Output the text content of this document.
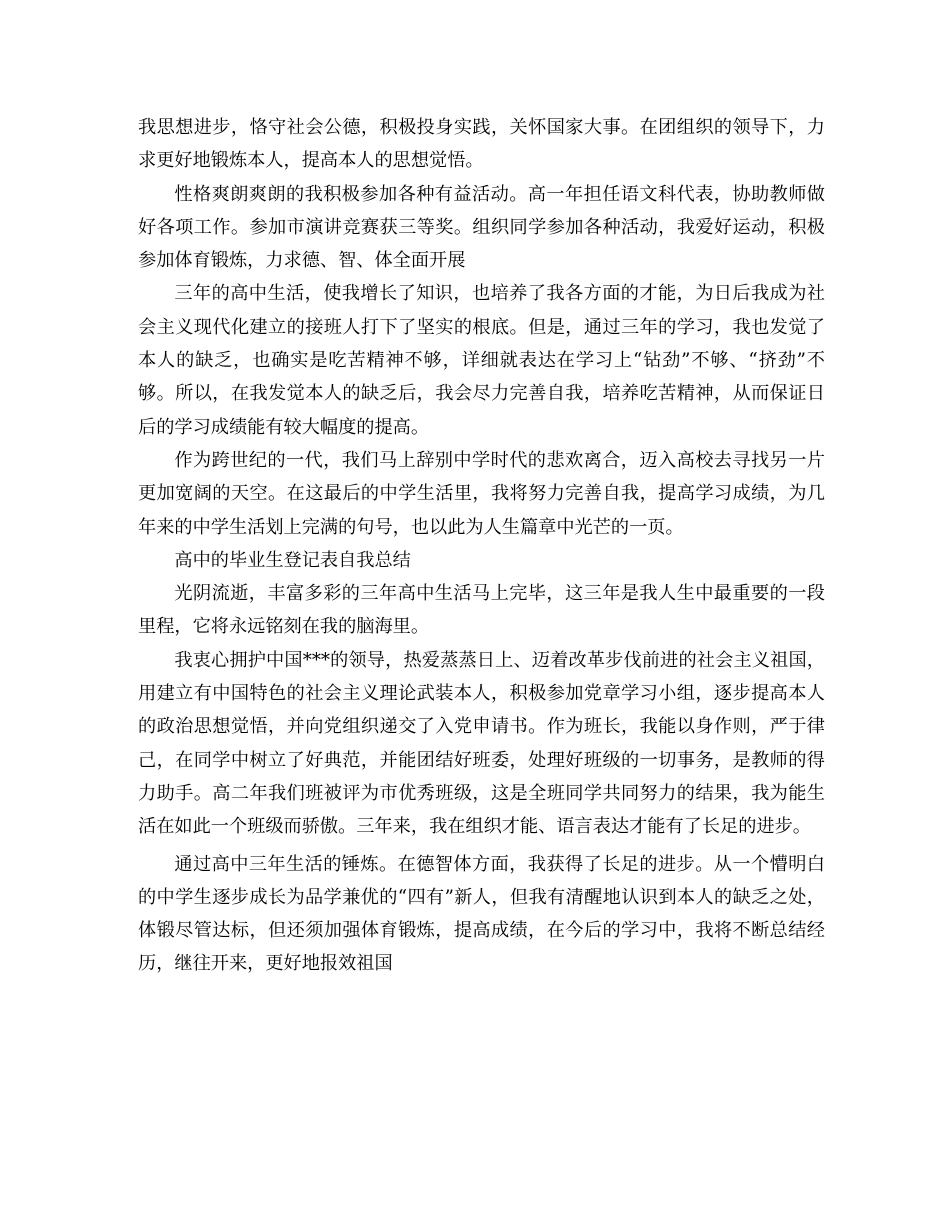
我思想进步，恪守社会公德，积极投身实践，关怀国家大事。在团组织的领导下，力求更好地锻炼本人，提高本人的思想觉悟。

性格爽朗爽朗的我积极参加各种有益活动。高一年担任语文科代表，协助教师做好各项工作。参加市演讲竞赛获三等奖。组织同学参加各种活动，我爱好运动，积极参加体育锻炼，力求德、智、体全面开展

三年的高中生活，使我增长了知识，也培养了我各方面的才能，为日后我成为社会主义现代化建立的接班人打下了坚实的根底。但是，通过三年的学习，我也发觉了本人的缺乏，也确实是吃苦精神不够，详细就表达在学习上“钻劲”不够、“挤劲”不够。所以，在我发觉本人的缺乏后，我会尽力完善自我，培养吃苦精神，从而保证日后的学习成绩能有较大幅度的提高。

作为跨世纪的一代，我们马上辞别中学时代的悲欢离合，迈入高校去寻找另一片更加宽阔的天空。在这最后的中学生活里，我将努力完善自我，提高学习成绩，为几年来的中学生活划上完满的句号，也以此为人生篇章中光芒的一页。

高中的毕业生登记表自我总结

光阴流逝，丰富多彩的三年高中生活马上完毕，这三年是我人生中最重要的一段里程，它将永远铭刻在我的脑海里。

我衷心拥护中国***的领导，热爱蒸蒸日上、迈着改革步伐前进的社会主义祖国，用建立有中国特色的社会主义理论武装本人，积极参加党章学习小组，逐步提高本人的政治思想觉悟，并向党组织递交了入党申请书。作为班长，我能以身作则，严于律己，在同学中树立了好典范，并能团结好班委，处理好班级的一切事务，是教师的得力助手。高二年我们班被评为市优秀班级，这是全班同学共同努力的结果，我为能生活在如此一个班级而骄傲。三年来，我在组织才能、语言表达才能有了长足的进步。

通过高中三年生活的锤炼。在德智体方面，我获得了长足的进步。从一个懵明白的中学生逐步成长为品学兼优的“四有”新人，但我有清醒地认识到本人的缺乏之处，体锻尽管达标，但还须加强体育锻炼，提高成绩，在今后的学习中，我将不断总结经历，继往开来，更好地报效祖国
